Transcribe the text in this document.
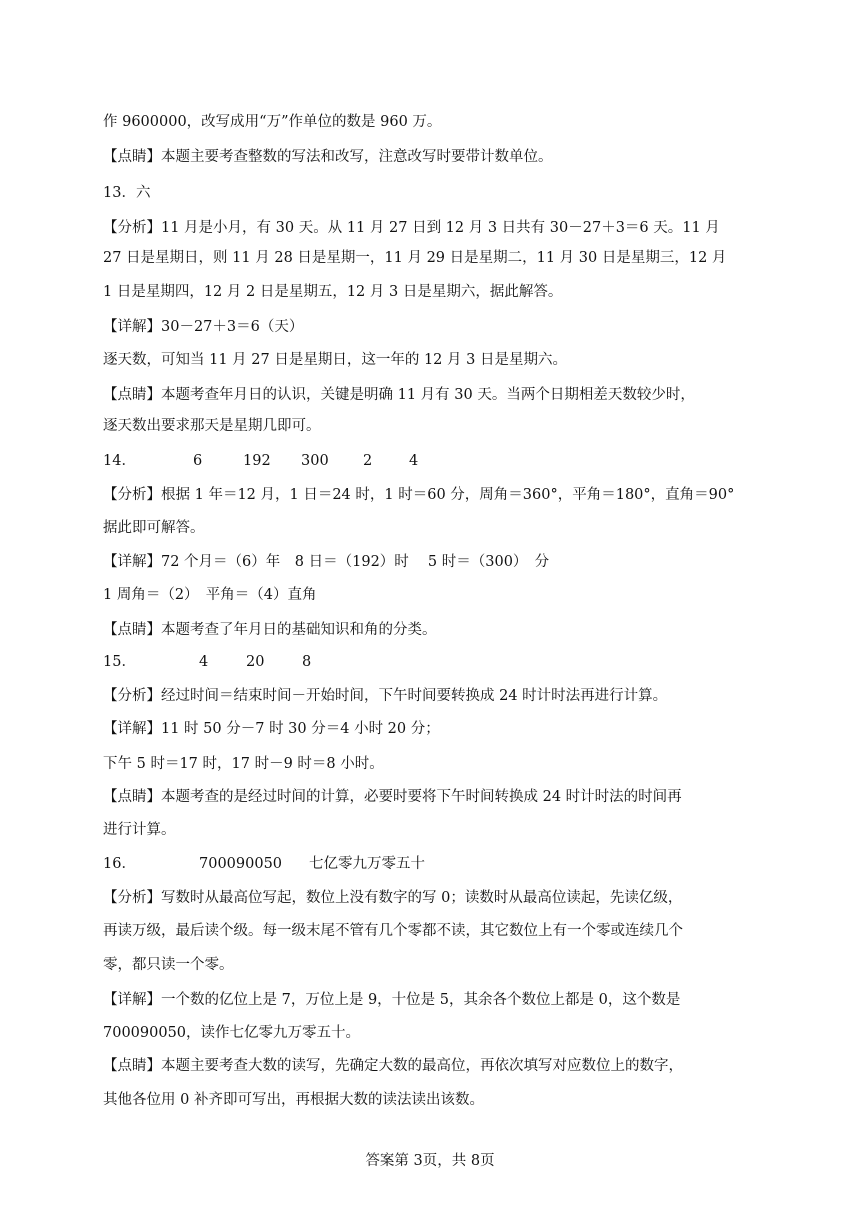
作 9600000，改写成用“万”作单位的数是 960 万。
【点睛】本题主要考查整数的写法和改写，注意改写时要带计数单位。
13．六
【分析】11 月是小月，有 30 天。从 11 月 27 日到 12 月 3 日共有 30－27＋3＝6 天。11 月
27 日是星期日，则 11 月 28 日是星期一，11 月 29 日是星期二，11 月 30 日是星期三，12 月
1 日是星期四，12 月 2 日是星期五，12 月 3 日是星期六，据此解答。
【详解】30－27＋3＝6（天）
逐天数，可知当 11 月 27 日是星期日，这一年的 12 月 3 日是星期六。
【点睛】本题考查年月日的认识，关键是明确 11 月有 30 天。当两个日期相差天数较少时，
逐天数出要求那天是星期几即可。
14．	6	192 300 2	4
【分析】根据 1 年＝12 月，1 日＝24 时，1 时＝60 分，周角＝360°，平角＝180°，直角＝90°
据此即可解答。
【详解】72 个月＝（6）年　8 日＝（192）时　 5 时＝（300）　分
1 周角＝（2）　平角＝（4）直角
【点睛】本题考查了年月日的基础知识和角的分类。
15．	4	20	8
【分析】经过时间＝结束时间－开始时间，下午时间要转换成 24 时计时法再进行计算。
【详解】11 时 50 分－7 时 30 分＝4 小时 20 分；
下午 5 时＝17 时，17 时－9 时＝8 小时。
【点睛】本题考查的是经过时间的计算，必要时要将下午时间转换成 24 时计时法的时间再
进行计算。
16．	700090050 七亿零九万零五十
【分析】写数时从最高位写起，数位上没有数字的写 0；读数时从最高位读起，先读亿级，
再读万级，最后读个级。每一级末尾不管有几个零都不读，其它数位上有一个零或连续几个
零，都只读一个零。
【详解】一个数的亿位上是 7，万位上是 9，十位是 5，其余各个数位上都是 0，这个数是
700090050，读作七亿零九万零五十。
【点睛】本题主要考查大数的读写，先确定大数的最高位，再依次填写对应数位上的数字，
其他各位用 0 补齐即可写出，再根据大数的读法读出该数。
答案第 3页，共 8页
